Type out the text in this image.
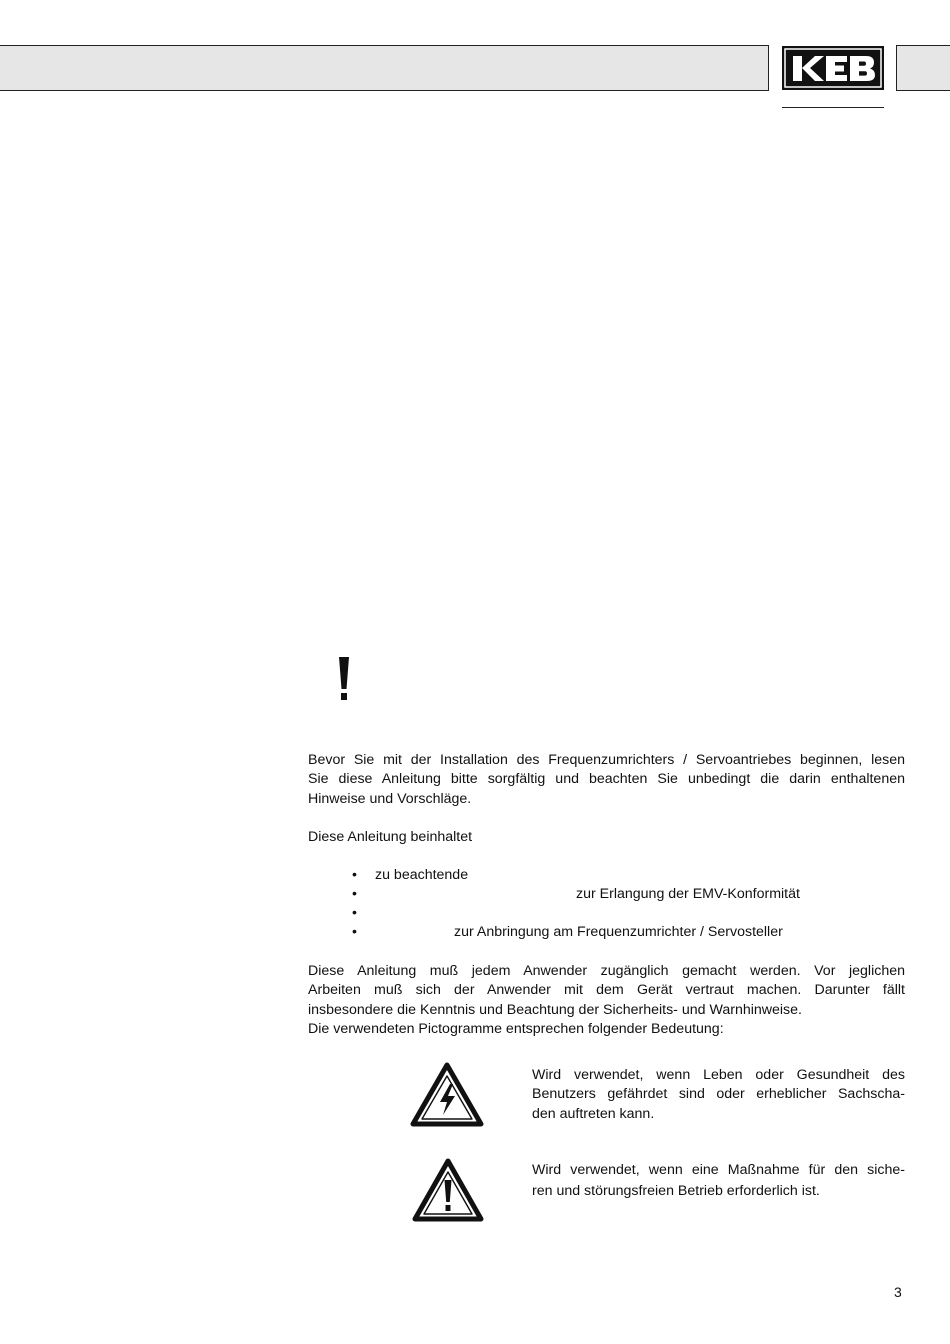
Bevor Sie mit der Installation des Frequenzumrichters / Servoantriebes beginnen, lesen
Sie diese Anleitung bitte sorgfältig und beachten Sie unbedingt die darin enthaltenen
Hinweise und Vorschläge.
Diese Anleitung beinhaltet
• zu beachtende
•	zur Erlangung der EMV-Konformität
•
•	zur Anbringung am Frequenzumrichter / Servosteller
Diese Anleitung muß jedem Anwender zugänglich gemacht werden. Vor jeglichen
Arbeiten muß sich der Anwender mit dem Gerät vertraut machen. Darunter fällt
insbesondere die Kenntnis und Beachtung der Sicherheits- und Warnhinweise.
Die verwendeten Pictogramme entsprechen folgender Bedeutung:
Wird verwendet, wenn Leben oder Gesundheit des
Benutzers gefährdet sind oder erheblicher Sachscha-
den auftreten kann.
Wird verwendet, wenn eine Maßnahme für den siche-
ren und störungsfreien Betrieb erforderlich ist.
3
